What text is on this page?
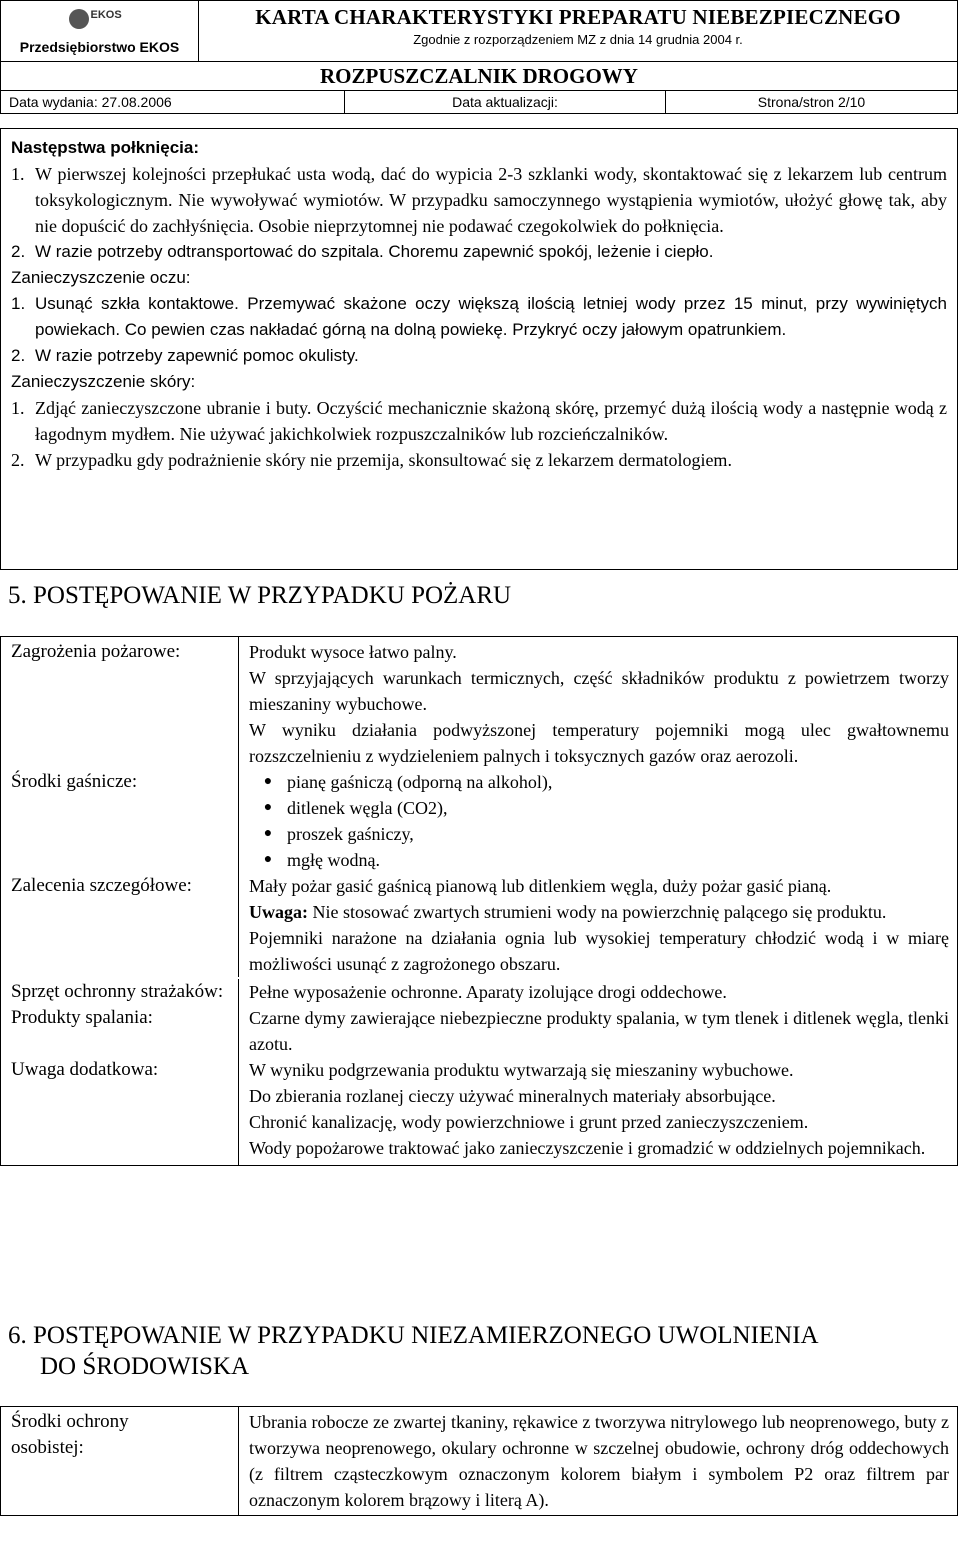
EKOS
Przedsiębiorstwo EKOS
KARTA CHARAKTERYSTYKI PREPARATU NIEBEZPIECZNEGO
Zgodnie z rozporządzeniem MZ z dnia 14 grudnia 2004 r.
ROZPUSZCZALNIK DROGOWY
Data wydania: 27.08.2006	Data aktualizacji:	Strona/stron 2/10
Następstwa połknięcia:
1. W pierwszej kolejności przepłukać usta wodą, dać do wypicia 2-3 szklanki wody, skontaktować się z lekarzem lub centrum toksykologicznym. Nie wywoływać wymiotów. W przypadku samoczynnego wystąpienia wymiotów, ułożyć głowę tak, aby nie dopuścić do zachłyśnięcia. Osobie nieprzytomnej nie podawać czegokolwiek do połknięcia.
2. W razie potrzeby odtransportować do szpitala. Choremu zapewnić spokój, leżenie i ciepło.
Zanieczyszczenie oczu:
1. Usunąć szkła kontaktowe. Przemywać skażone oczy większą ilością letniej wody przez 15 minut, przy wywiniętych powiekach. Co pewien czas nakładać górną na dolną powiekę. Przykryć oczy jałowym opatrunkiem.
2. W razie potrzeby zapewnić pomoc okulisty.
Zanieczyszczenie skóry:
1. Zdjąć zanieczyszczone ubranie i buty. Oczyścić mechanicznie skażoną skórę, przemyć dużą ilością wody a następnie wodą z łagodnym mydłem. Nie używać jakichkolwiek rozpuszczalników lub rozcieńczalników.
2. W przypadku gdy podrażnienie skóry nie przemija, skonsultować się z lekarzem dermatologiem.
5. POSTĘPOWANIE W PRZYPADKU POŻARU
Zagrożenia pożarowe:	Produkt wysoce łatwo palny.
W sprzyjających warunkach termicznych, część składników produktu z powietrzem tworzy mieszaniny wybuchowe.
W wyniku działania podwyższonej temperatury pojemniki mogą ulec gwałtownemu rozszczelnieniu z wydzieleniem palnych i toksycznych gazów oraz aerozoli.
Środki gaśnicze:	● pianę gaśniczą (odporną na alkohol),
● ditlenek węgla (CO2),
● proszek gaśniczy,
● mgłę wodną.
Zalecenia szczegółowe:	Mały pożar gasić gaśnicą pianową lub ditlenkiem węgla, duży pożar gasić pianą.
Uwaga: Nie stosować zwartych strumieni wody na powierzchnię palącego się produktu.
Pojemniki narażone na działania ognia lub wysokiej temperatury chłodzić wodą i w miarę możliwości usunąć z zagrożonego obszaru.
Sprzęt ochronny strażaków:	Pełne wyposażenie ochronne. Aparaty izolujące drogi oddechowe.
Produkty spalania:	Czarne dymy zawierające niebezpieczne produkty spalania, w tym tlenek i ditlenek węgla, tlenki azotu.
Uwaga dodatkowa:	W wyniku podgrzewania produktu wytwarzają się mieszaniny wybuchowe.
Do zbierania rozlanej cieczy używać mineralnych materiały absorbujące.
Chronić kanalizację, wody powierzchniowe i grunt przed zanieczyszczeniem.
Wody popożarowe traktować jako zanieczyszczenie i gromadzić w oddzielnych pojemnikach.
6. POSTĘPOWANIE W PRZYPADKU NIEZAMIERZONEGO UWOLNIENIA
DO ŚRODOWISKA
Środki ochrony osobistej:
Ubrania robocze ze zwartej tkaniny, rękawice z tworzywa nitrylowego lub neoprenowego, buty z tworzywa neoprenowego, okulary ochronne w szczelnej obudowie, ochrony dróg oddechowych (z filtrem cząsteczkowym oznaczonym kolorem białym i symbolem P2 oraz filtrem par oznaczonym kolorem brązowy i literą A).
